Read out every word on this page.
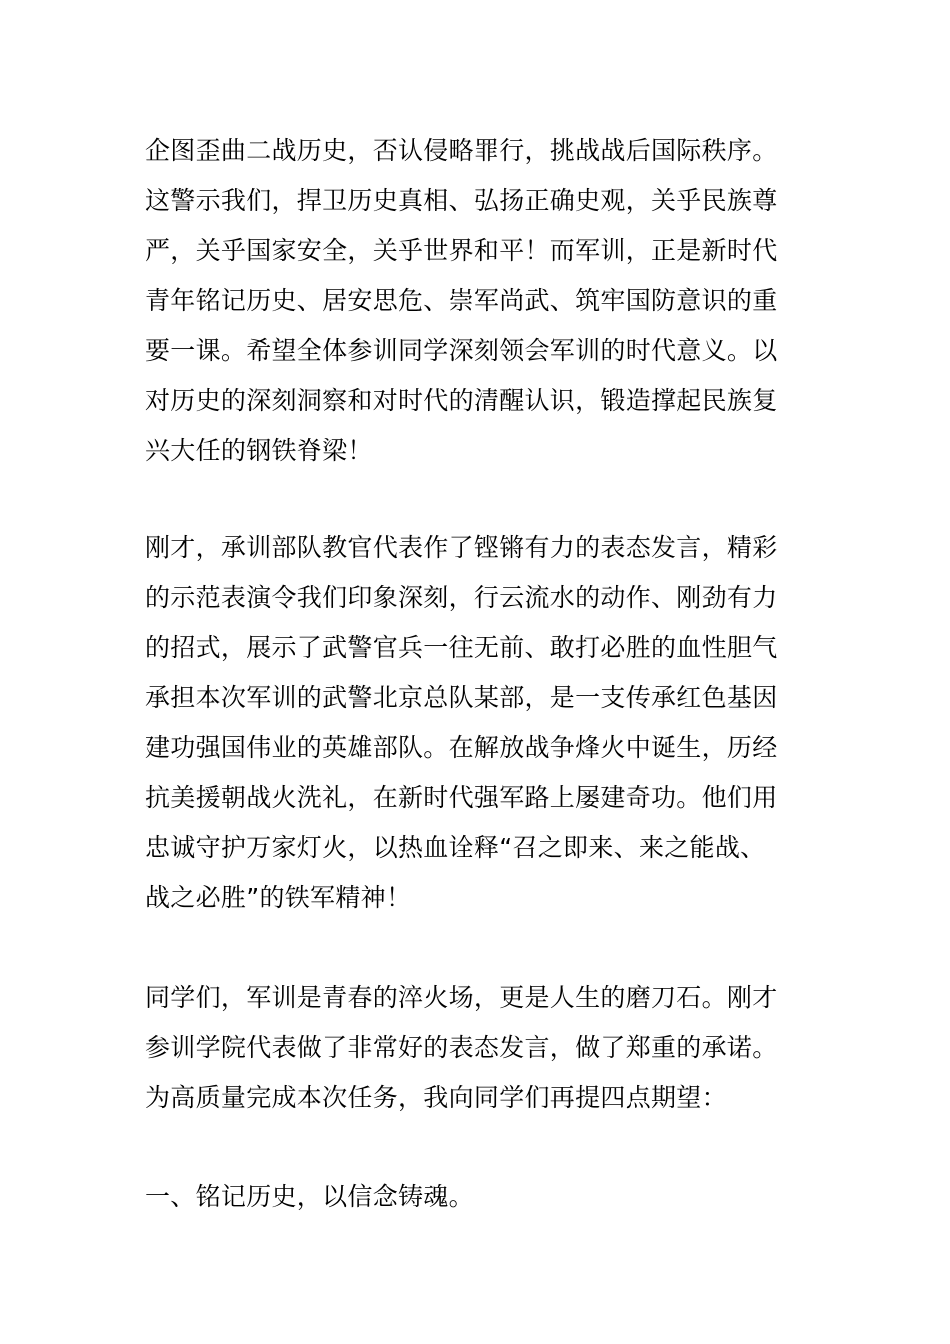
企图歪曲二战历史，否认侵略罪行，挑战战后国际秩序。
这警示我们，捍卫历史真相、弘扬正确史观，关乎民族尊
严，关乎国家安全，关乎世界和平！而军训，正是新时代
青年铭记历史、居安思危、崇军尚武、筑牢国防意识的重
要一课。希望全体参训同学深刻领会军训的时代意义。以
对历史的深刻洞察和对时代的清醒认识，锻造撑起民族复
兴大任的钢铁脊梁！
刚才，承训部队教官代表作了铿锵有力的表态发言，精彩
的示范表演令我们印象深刻，行云流水的动作、刚劲有力
的招式，展示了武警官兵一往无前、敢打必胜的血性胆气
承担本次军训的武警北京总队某部，是一支传承红色基因
建功强国伟业的英雄部队。在解放战争烽火中诞生，历经
抗美援朝战火洗礼，在新时代强军路上屡建奇功。他们用
忠诚守护万家灯火，以热血诠释“召之即来、来之能战、
战之必胜”的铁军精神！
同学们，军训是青春的淬火场，更是人生的磨刀石。刚才
参训学院代表做了非常好的表态发言，做了郑重的承诺。
为高质量完成本次任务，我向同学们再提四点期望：
一、铭记历史，以信念铸魂。
